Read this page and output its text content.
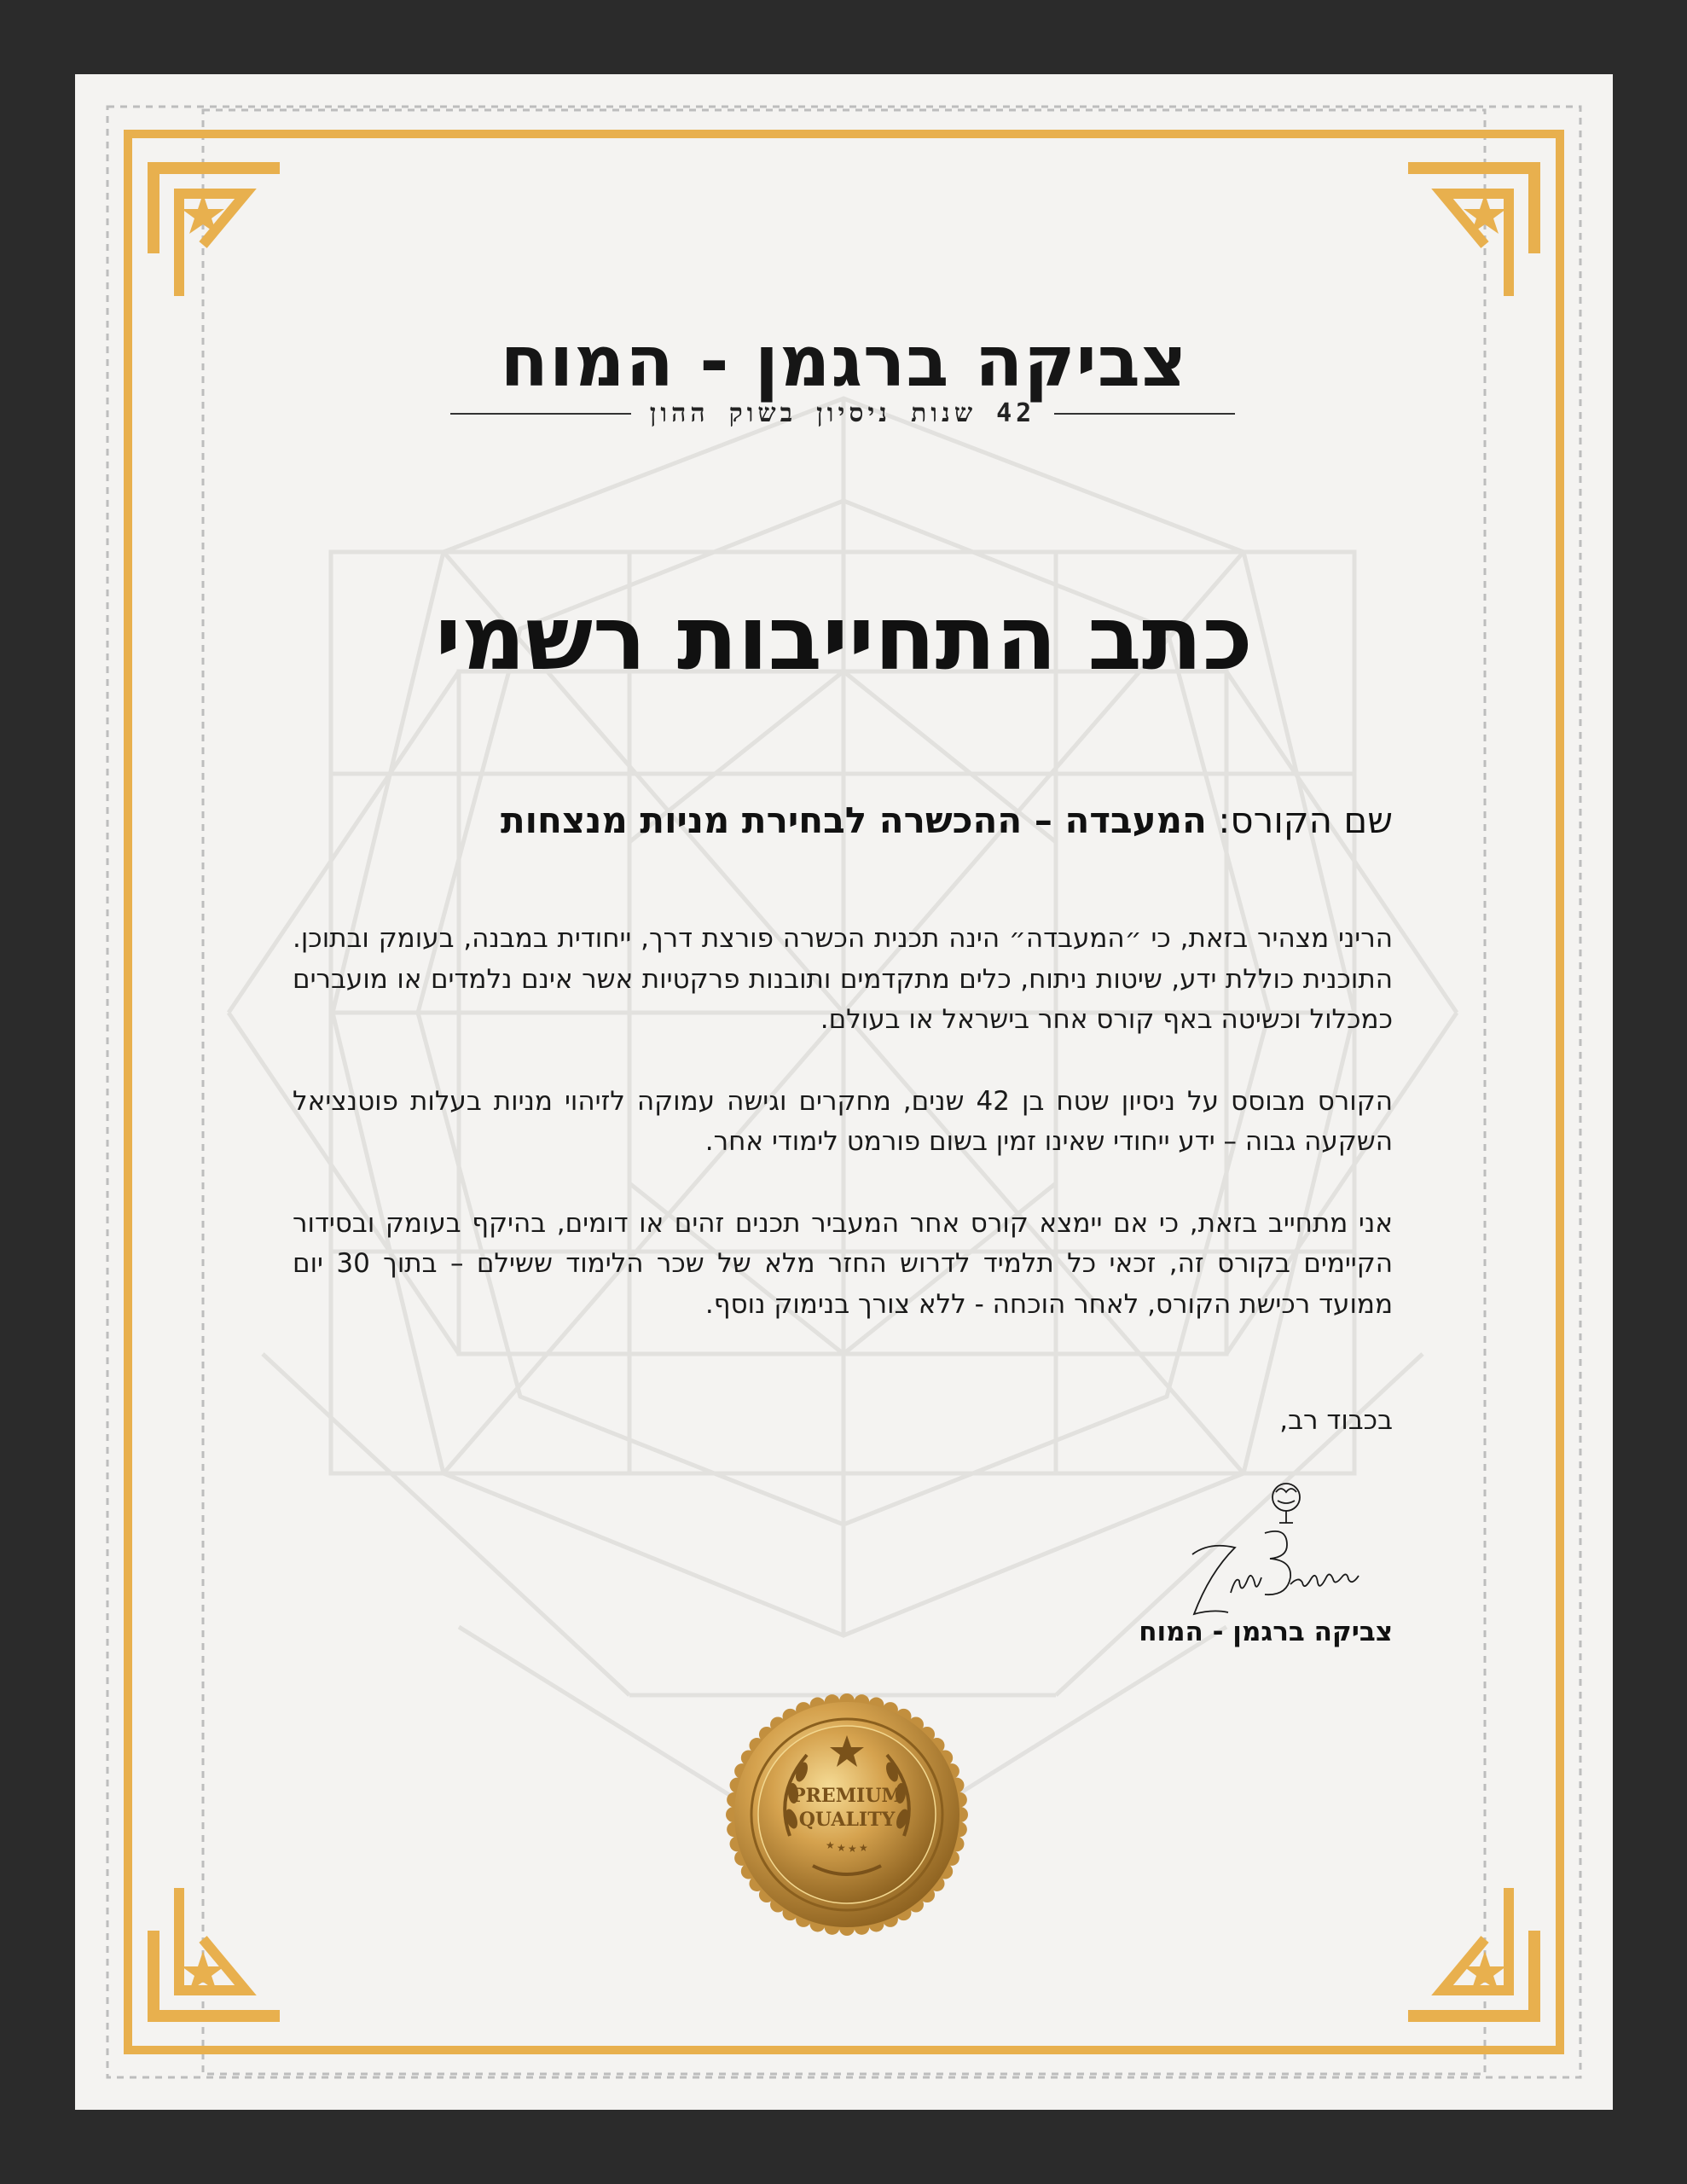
צביקה ברגמן - המוח
42 שנות ניסיון בשוק ההון
כתב התחייבות רשמי
שם הקורס: המעבדה – ההכשרה לבחירת מניות מנצחות

הריני מצהיר בזאת, כי ״המעבדה״ הינה תכנית הכשרה פורצת דרך, ייחודית במבנה, בעומק ובתוכן. התוכנית כוללת ידע, שיטות ניתוח, כלים מתקדמים ותובנות פרקטיות אשר אינם נלמדים או מועברים כמכלול וכשיטה באף קורס אחר בישראל או בעולם.

הקורס מבוסס על ניסיון שטח בן 42 שנים, מחקרים וגישה עמוקה לזיהוי מניות בעלות פוטנציאל השקעה גבוה – ידע ייחודי שאינו זמין בשום פורמט לימודי אחר.

אני מתחייב בזאת, כי אם יימצא קורס אחר המעביר תכנים זהים או דומים, בהיקף בעומק ובסידור הקיימים בקורס זה, זכאי כל תלמיד לדרוש החזר מלא של שכר הלימוד ששילם – בתוך 30 יום ממועד רכישת הקורס, לאחר הוכחה - ללא צורך בנימוק נוסף.

בכבוד רב,
צביקה ברגמן - המוח
PREMIUM
QUALITY
★ ★ ★ ★
